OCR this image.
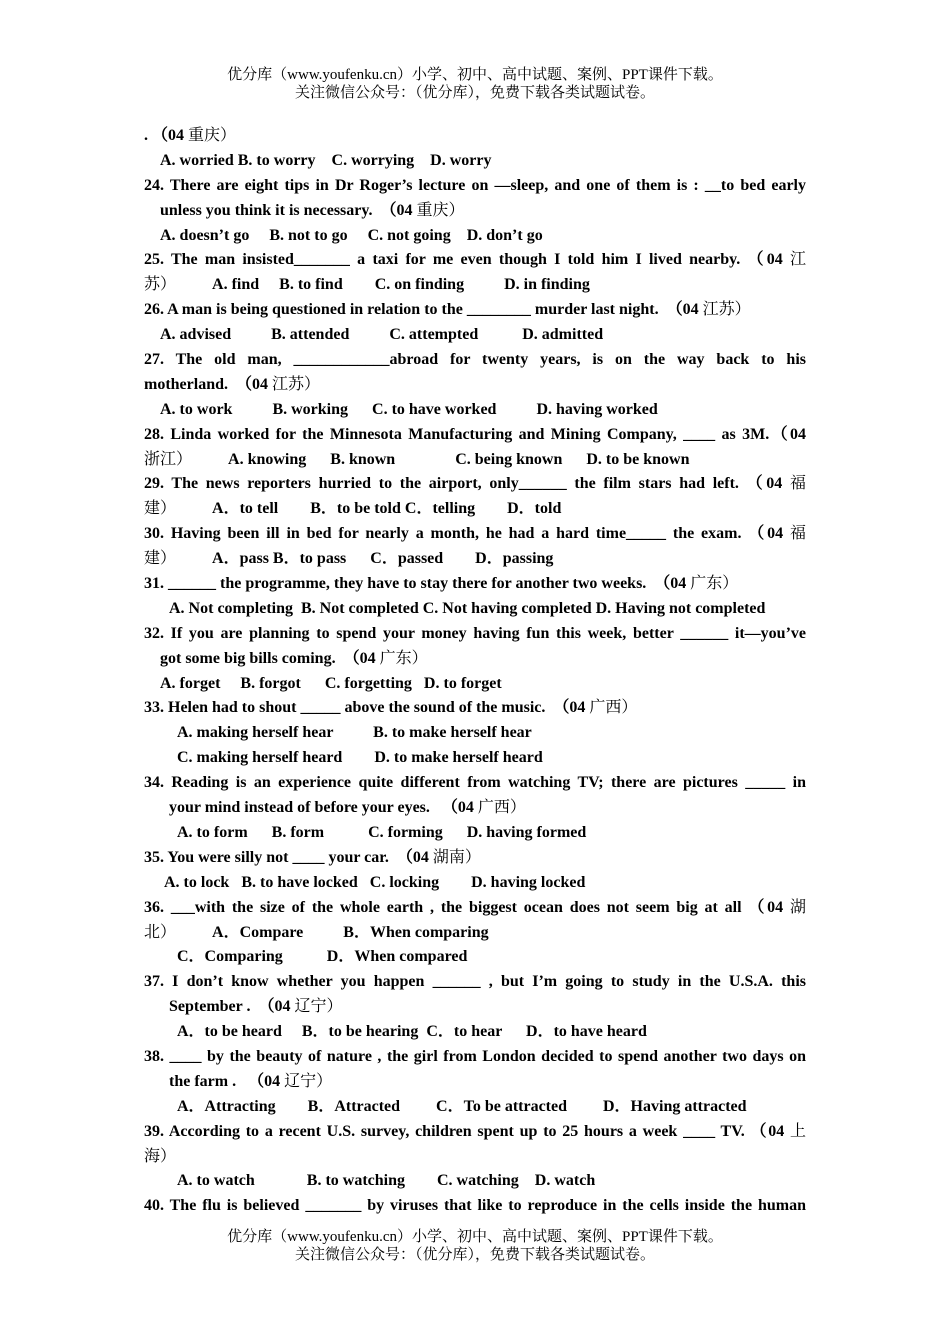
优分库（www.youfenku.cn）小学、初中、高中试题、案例、PPT课件下载。
关注微信公众号：（优分库），免费下载各类试题试卷。
. （04 重庆）
A. worried B. to worry    C. worrying    D. worry
24. There are eight tips in Dr Roger’s lecture on —sleep, and one of them is : __to bed early
unless you think it is necessary.  （04 重庆）
A. doesn’t go     B. not to go     C. not going    D. don’t go
25. The man insisted_______ a taxi for me even though I told him I lived nearby. （04 江
苏）         A. find     B. to find        C. on finding          D. in finding
26. A man is being questioned in relation to the ________ murder last night.  （04 江苏）
A. advised          B. attended          C. attempted           D. admitted
27. The old man, ____________abroad for twenty years, is on the way back to his
motherland.  （04 江苏）
A. to work          B. working      C. to have worked          D. having worked
28. Linda worked for the Minnesota Manufacturing and Mining Company, ____ as 3M.（04
浙江）         A. knowing      B. known               C. being known      D. to be known
29. The news reporters hurried to the airport, only______ the film stars had left. （04 福
建）         A．to tell        B．to be told C．telling        D．told
30. Having been ill in bed for nearly a month, he had a hard time_____ the exam. （04 福
建）         A．pass B．to pass      C．passed        D．passing
31. ______ the programme, they have to stay there for another two weeks.  （04 广东）
A. Not completing  B. Not completed C. Not having completed D. Having not completed
32. If you are planning to spend your money having fun this week, better ______ it—you’ve
got some big bills coming.  （04 广东）
A. forget     B. forgot      C. forgetting   D. to forget
33. Helen had to shout _____ above the sound of the music.  （04 广西）
A. making herself hear          B. to make herself hear
C. making herself heard        D. to make herself heard
34. Reading is an experience quite different from watching TV; there are pictures _____ in
your mind instead of before your eyes.   （04 广西）
A. to form      B. form           C. forming      D. having formed
35. You were silly not ____ your car.  （04 湖南）
A. to lock   B. to have locked   C. locking        D. having locked
36. ___with the size of the whole earth , the biggest ocean does not seem big at all （04 湖
北）         A．Compare          B．When comparing
C．Comparing           D．When compared
37. I don’t know whether you happen ______ , but I’m going to study in the U.S.A. this
September .  （04 辽宁）
A．to be heard     B．to be hearing  C．to hear      D．to have heard
38. ____ by the beauty of nature , the girl from London decided to spend another two days on
the farm .   （04 辽宁）
A．Attracting        B．Attracted         C．To be attracted         D．Having attracted
39. According to a recent U.S. survey, children spent up to 25 hours a week ____ TV. （04 上
海）
A. to watch             B. to watching        C. watching    D. watch
40. The flu is believed _______ by viruses that like to reproduce in the cells inside the human
优分库（www.youfenku.cn）小学、初中、高中试题、案例、PPT课件下载。
关注微信公众号：（优分库），免费下载各类试题试卷。
